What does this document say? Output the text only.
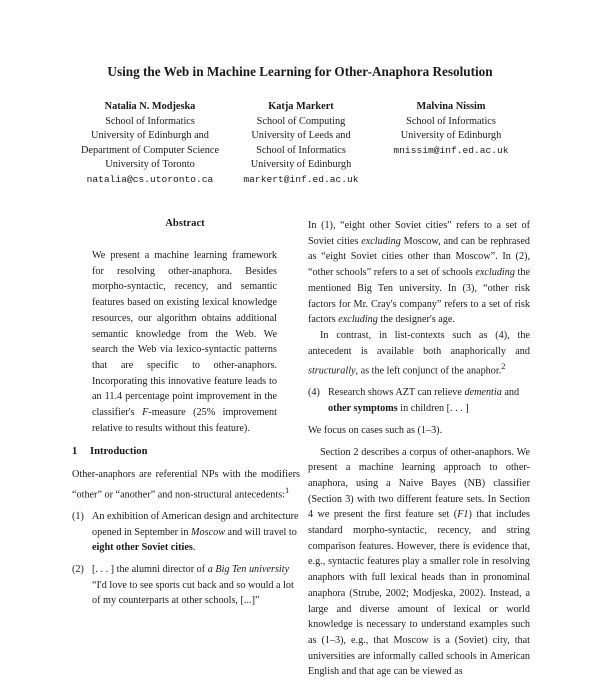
Using the Web in Machine Learning for Other-Anaphora Resolution
Natalia N. Modjeska
School of Informatics
University of Edinburgh and
Department of Computer Science
University of Toronto
natalia@cs.utoronto.ca
Katja Markert
School of Computing
University of Leeds and
School of Informatics
University of Edinburgh
markert@inf.ed.ac.uk
Malvina Nissim
School of Informatics
University of Edinburgh
mnissim@inf.ed.ac.uk
Abstract

We present a machine learning framework for resolving other-anaphora. Besides morpho-syntactic, recency, and semantic features based on existing lexical knowledge resources, our algorithm obtains additional semantic knowledge from the Web. We search the Web via lexico-syntactic patterns that are specific to other-anaphors. Incorporating this innovative feature leads to an 11.4 percentage point improvement in the classifier's F-measure (25% improvement relative to results without this feature).

1 Introduction

Other-anaphors are referential NPs with the modifiers “other” or “another” and non-structural antecedents:$^1$

(1) An exhibition of American design and architecture opened in September in Moscow and will travel to eight other Soviet cities.
(2) [. . . ] the alumni director of a Big Ten university “I'd love to see sports cut back and so would a lot of my counterparts at other schools, [...]”

In (1), “eight other Soviet cities” refers to a set of Soviet cities excluding Moscow, and can be rephrased as “eight Soviet cities other than Moscow”. In (2), “other schools” refers to a set of schools excluding the mentioned Big Ten university. In (3), “other risk factors for Mr. Cray's company” refers to a set of risk factors excluding the designer's age.

In contrast, in list-contexts such as (4), the antecedent is available both anaphorically and structurally, as the left conjunct of the anaphor.$^2$

(4) Research shows AZT can relieve dementia and other symptoms in children [. . . ]

We focus on cases such as (1–3).

Section 2 describes a corpus of other-anaphors. We present a machine learning approach to other-anaphora, using a Naive Bayes (NB) classifier (Section 3) with two different feature sets. In Section 4 we present the first feature set (F1) that includes standard morpho-syntactic, recency, and string comparison features. However, there is evidence that, e.g., syntactic features play a smaller role in resolving anaphors with full lexical heads than in pronominal anaphora (Strube, 2002; Modjeska, 2002). Instead, a large and diverse amount of lexical or world knowledge is necessary to understand examples such as (1–3), e.g., that Moscow is a (Soviet) city, that universities are informally called schools in American English and that age can be viewed as
